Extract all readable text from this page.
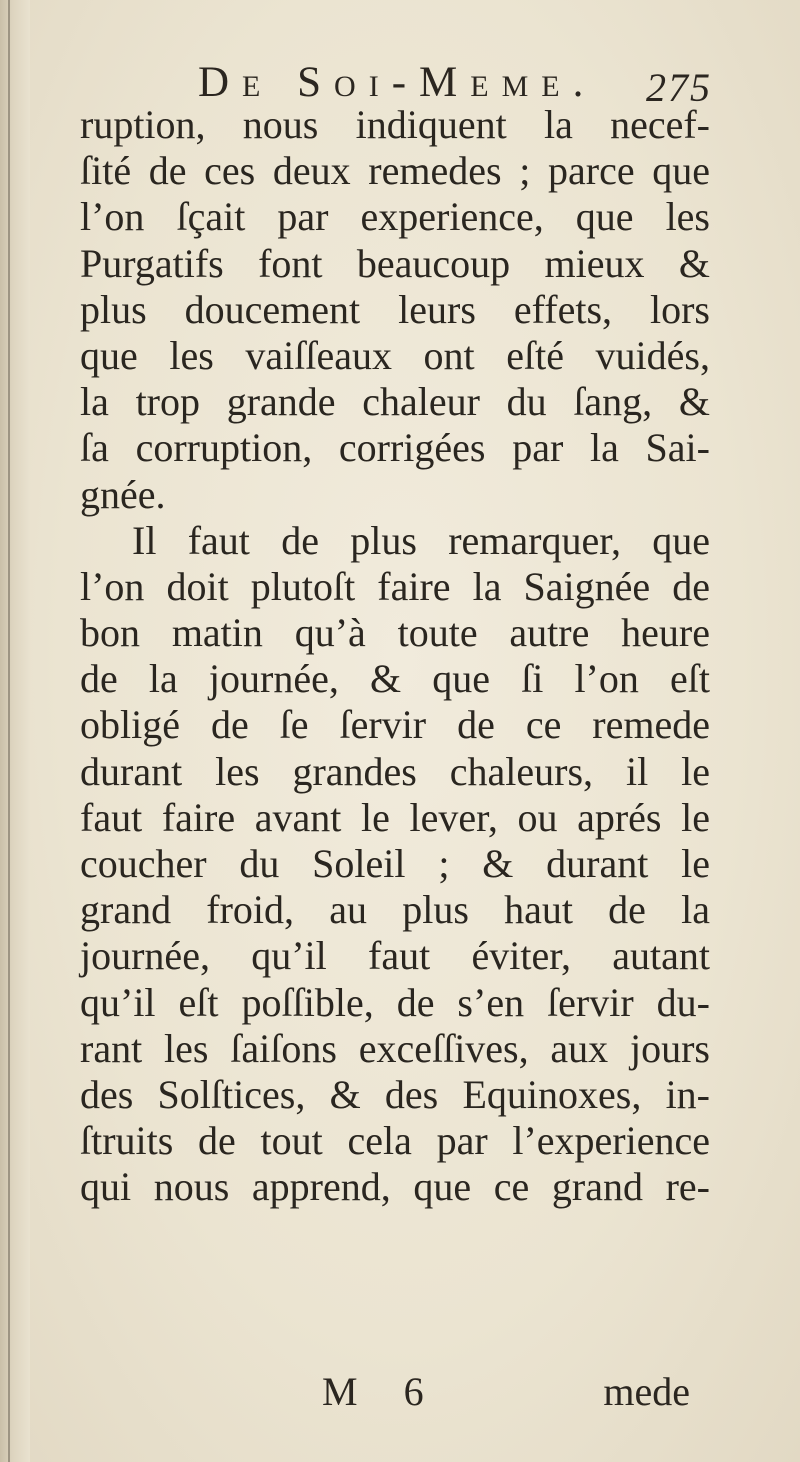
De Soi-Meme. 275
ruption, nous indiquent la necef-
ſité de ces deux remedes ; parce que
l’on ſçait par experience, que les
Purgatifs font beaucoup mieux &
plus doucement leurs effets, lors
que les vaiſſeaux ont eſté vuidés,
la trop grande chaleur du ſang, &
ſa corruption, corrigées par la Sai-
gnée.
Il faut de plus remarquer, que
l’on doit plutoſt faire la Saignée de
bon matin qu’à toute autre heure
de la journée, & que ſi l’on eſt
obligé de ſe ſervir de ce remede
durant les grandes chaleurs, il le
faut faire avant le lever, ou aprés le
coucher du Soleil ; & durant le
grand froid, au plus haut de la
journée, qu’il faut éviter, autant
qu’il eſt poſſible, de s’en ſervir du-
rant les ſaiſons exceſſives, aux jours
des Solſtices, & des Equinoxes, in-
ſtruits de tout cela par l’experience
qui nous apprend, que ce grand re-
M 6	mede
